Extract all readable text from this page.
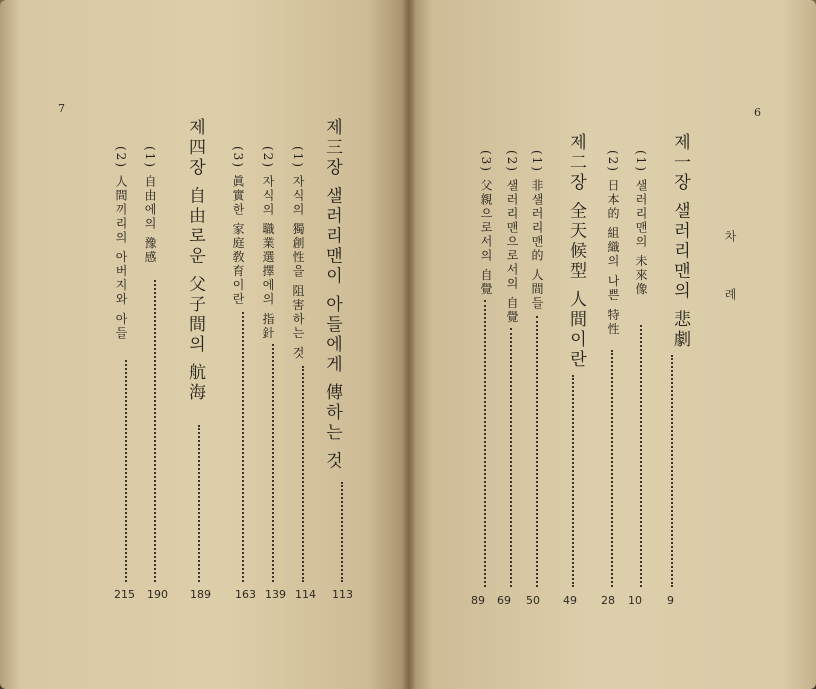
7
제三장 샐러리맨이 아들에게 傳하는 것
113
(1) 자식의 獨創性을 阻害하는 것
114
(2) 자식의 職業選擇에의 指針
139
(3) 眞實한 家庭敎育이란
163
제四장 自由로운 父子間의 航海
189
(1) 自由에의 豫感
190
(2) 人間끼리의 아버지와 아들
215
6
차례
제一장 샐러리맨의 悲劇
9
(1) 샐러리맨의 未來像
10
(2) 日本的 組織의 나쁜 特性
28
제二장 全天候型 人間이란
49
(1) 非샐러리맨的 人間들
50
(2) 샐러리맨으로서의 自覺
69
(3) 父親으로서의 自覺
89
